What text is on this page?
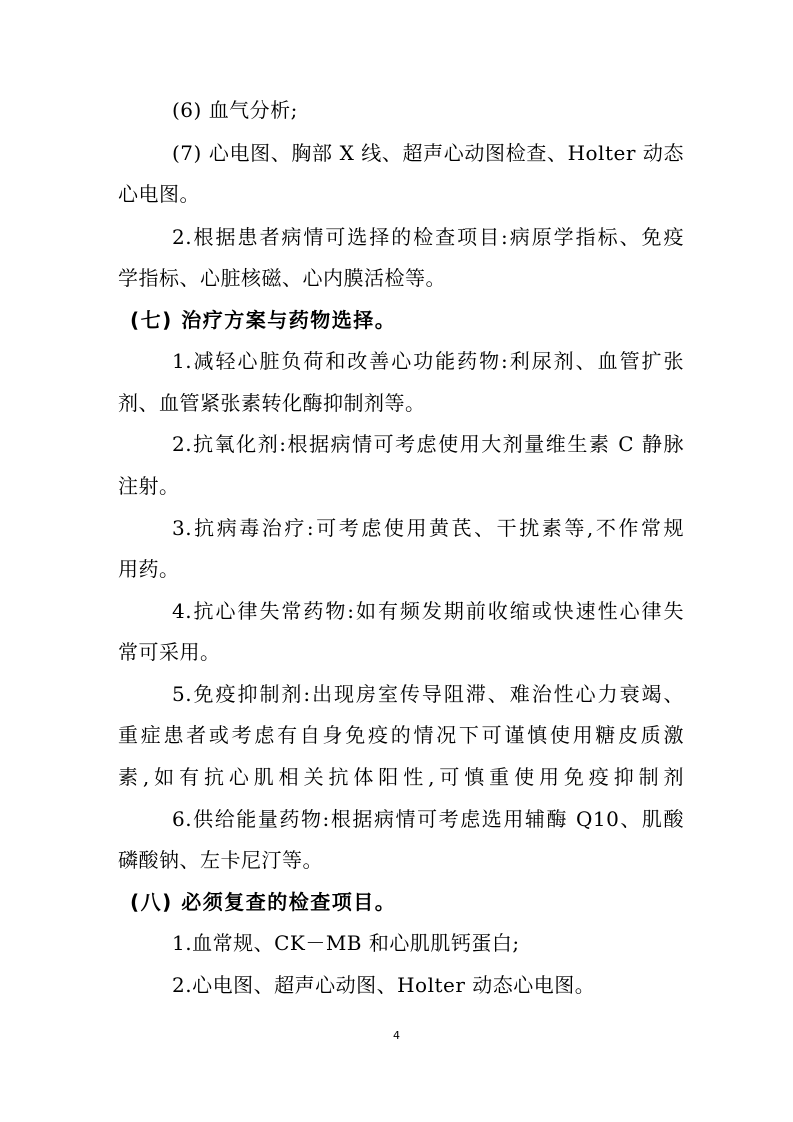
(6) 血气分析;
(7) 心电图、胸部 X 线、超声心动图检查、Holter 动态
心电图。
2.根据患者病情可选择的检查项目:病原学指标、免疫
学指标、心脏核磁、心内膜活检等。
(七) 治疗方案与药物选择。
1.减轻心脏负荷和改善心功能药物:利尿剂、血管扩张
剂、血管紧张素转化酶抑制剂等。
2.抗氧化剂:根据病情可考虑使用大剂量维生素 C 静脉
注射。
3.抗病毒治疗:可考虑使用黄芪、干扰素等,不作常规
用药。
4.抗心律失常药物:如有频发期前收缩或快速性心律失
常可采用。
5.免疫抑制剂:出现房室传导阻滞、难治性心力衰竭、
重症患者或考虑有自身免疫的情况下可谨慎使用糖皮质激
素,如有抗心肌相关抗体阳性,可慎重使用免疫抑制剂
6.供给能量药物:根据病情可考虑选用辅酶 Q10、肌酸
磷酸钠、左卡尼汀等。
(八) 必须复查的检查项目。
1.血常规、CK－MB 和心肌肌钙蛋白;
2.心电图、超声心动图、Holter 动态心电图。
4
